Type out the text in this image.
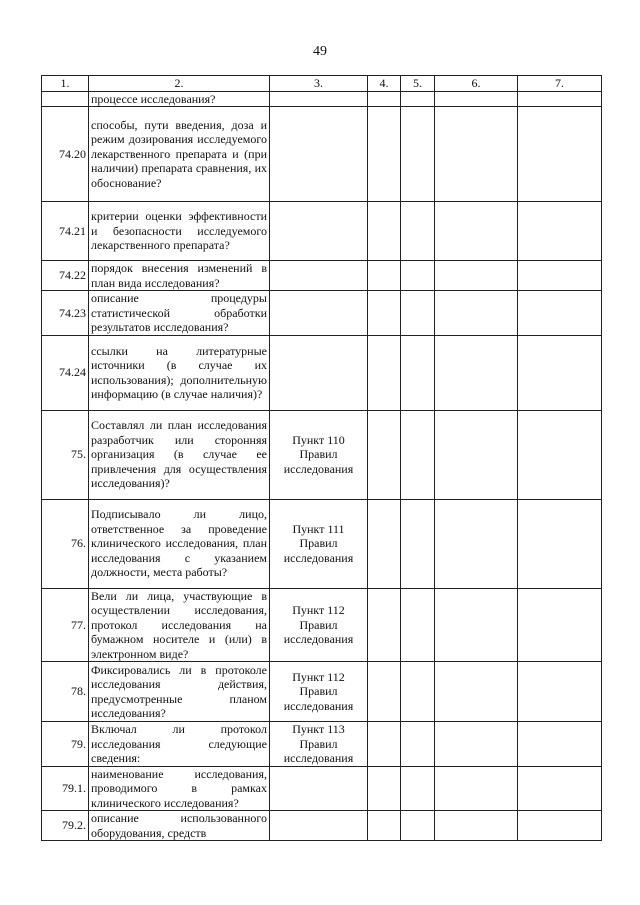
49
1.	2.	3.	4.	5.	6.	7.
	процессе исследования?					
74.20	способы, пути введения, доза и режим дозирования исследуемого лекарственного препарата и (при наличии) препарата сравнения, их обоснование?					
74.21	критерии оценки эффективности и безопасности исследуемого лекарственного препарата?					
74.22	порядок внесения изменений в план вида исследования?					
74.23	описание процедуры статистической обработки результатов исследования?					
74.24	ссылки на литературные источники (в случае их использования); дополнительную информацию (в случае наличия)?					
75.	Составлял ли план исследования разработчик или сторонняя организация (в случае ее привлечения для осуществления исследования)?	Пункт 110
Правил
исследования				

76.	Подписывало ли лицо, ответственное за проведение клинического исследования, план исследования с указанием должности, места работы?	Пункт 111
Правил
исследования				

77.	Вели ли лица, участвующие в осуществлении исследования, протокол исследования на бумажном носителе и (или) в электронном виде?	Пункт 112
Правил
исследования				

78.	Фиксировались ли в протоколе исследования действия, предусмотренные планом исследования?	Пункт 112
Правил
исследования				

79.	Включал ли протокол исследования следующие сведения:	Пункт 113
Правил
исследования				

79.1.	наименование исследования, проводимого в рамках клинического исследования?					
79.2.	описание использованного оборудования, средств					
